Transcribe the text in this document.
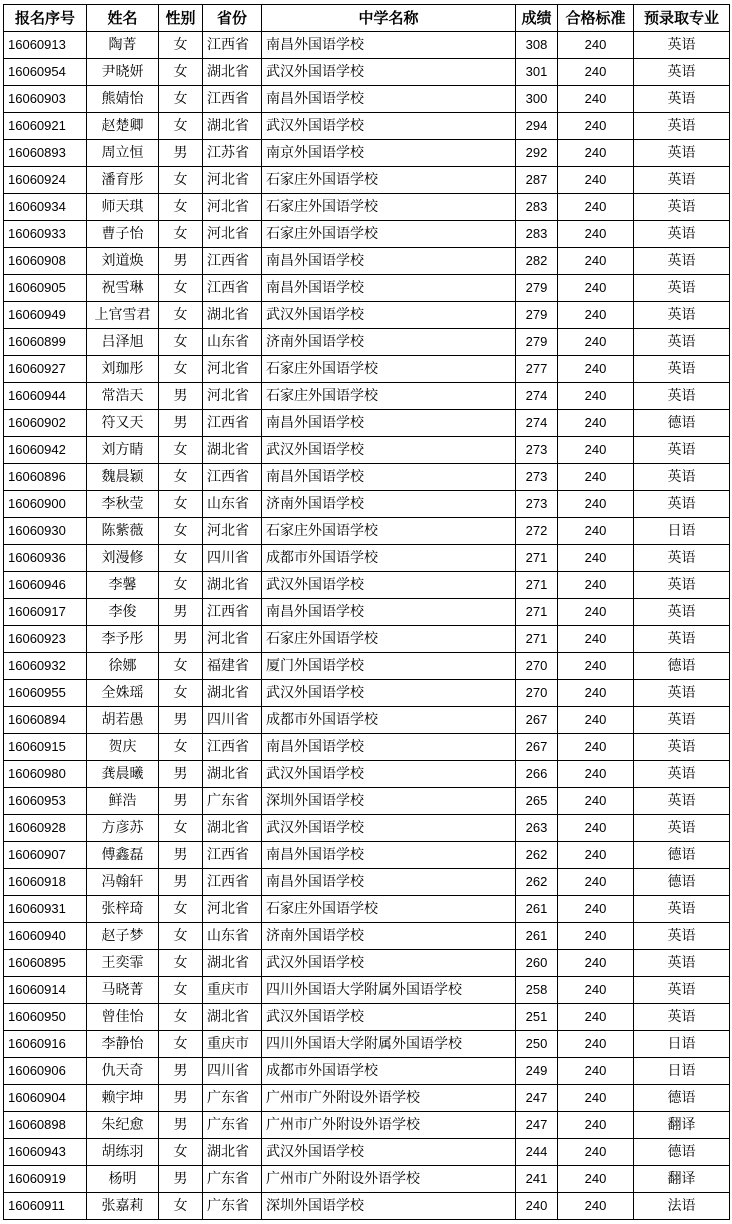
报名序号	姓名	性别	省份	中学名称	成绩	合格标准	预录取专业
16060913	陶菁	女	江西省	南昌外国语学校	308	240	英语
16060954	尹晓妍	女	湖北省	武汉外国语学校	301	240	英语
16060903	熊婧怡	女	江西省	南昌外国语学校	300	240	英语
16060921	赵楚卿	女	湖北省	武汉外国语学校	294	240	英语
16060893	周立恒	男	江苏省	南京外国语学校	292	240	英语
16060924	潘育彤	女	河北省	石家庄外国语学校	287	240	英语
16060934	师天琪	女	河北省	石家庄外国语学校	283	240	英语
16060933	曹子怡	女	河北省	石家庄外国语学校	283	240	英语
16060908	刘道焕	男	江西省	南昌外国语学校	282	240	英语
16060905	祝雪琳	女	江西省	南昌外国语学校	279	240	英语
16060949	上官雪君	女	湖北省	武汉外国语学校	279	240	英语
16060899	吕泽旭	女	山东省	济南外国语学校	279	240	英语
16060927	刘珈彤	女	河北省	石家庄外国语学校	277	240	英语
16060944	常浩天	男	河北省	石家庄外国语学校	274	240	英语
16060902	符又天	男	江西省	南昌外国语学校	274	240	德语
16060942	刘方睛	女	湖北省	武汉外国语学校	273	240	英语
16060896	魏晨颖	女	江西省	南昌外国语学校	273	240	英语
16060900	李秋莹	女	山东省	济南外国语学校	273	240	英语
16060930	陈紫薇	女	河北省	石家庄外国语学校	272	240	日语
16060936	刘漫修	女	四川省	成都市外国语学校	271	240	英语
16060946	李馨	女	湖北省	武汉外国语学校	271	240	英语
16060917	李俊	男	江西省	南昌外国语学校	271	240	英语
16060923	李予彤	男	河北省	石家庄外国语学校	271	240	英语
16060932	徐娜	女	福建省	厦门外国语学校	270	240	德语
16060955	全姝瑶	女	湖北省	武汉外国语学校	270	240	英语
16060894	胡若愚	男	四川省	成都市外国语学校	267	240	英语
16060915	贺庆	女	江西省	南昌外国语学校	267	240	英语
16060980	龚晨曦	男	湖北省	武汉外国语学校	266	240	英语
16060953	鲜浩	男	广东省	深圳外国语学校	265	240	英语
16060928	方彦苏	女	湖北省	武汉外国语学校	263	240	英语
16060907	傅鑫磊	男	江西省	南昌外国语学校	262	240	德语
16060918	冯翰轩	男	江西省	南昌外国语学校	262	240	德语
16060931	张梓琦	女	河北省	石家庄外国语学校	261	240	英语
16060940	赵子梦	女	山东省	济南外国语学校	261	240	英语
16060895	王奕霏	女	湖北省	武汉外国语学校	260	240	英语
16060914	马晓菁	女	重庆市	四川外国语大学附属外国语学校	258	240	英语
16060950	曾佳怡	女	湖北省	武汉外国语学校	251	240	英语
16060916	李静怡	女	重庆市	四川外国语大学附属外国语学校	250	240	日语
16060906	仇天奇	男	四川省	成都市外国语学校	249	240	日语
16060904	赖宇坤	男	广东省	广州市广外附设外语学校	247	240	德语
16060898	朱纪愈	男	广东省	广州市广外附设外语学校	247	240	翻译
16060943	胡练羽	女	湖北省	武汉外国语学校	244	240	德语
16060919	杨明	男	广东省	广州市广外附设外语学校	241	240	翻译
16060911	张嘉莉	女	广东省	深圳外国语学校	240	240	法语
